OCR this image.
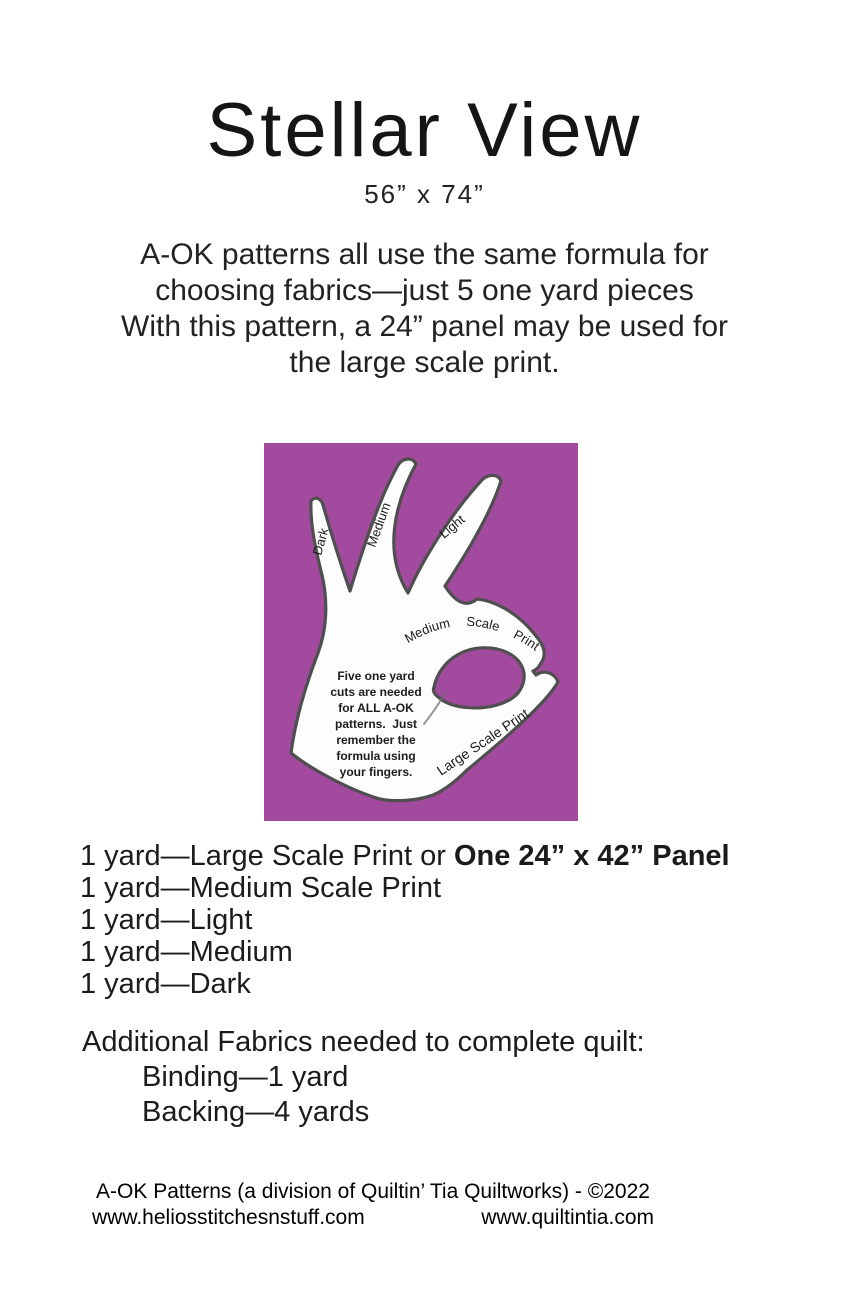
Stellar View
56” x 74”
A-OK patterns all use the same formula for
choosing fabrics—just 5 one yard pieces
With this pattern, a 24” panel may be used for
the large scale print.
Dark Medium	Light
Medium Scale Print
Large Scale Print
Five one yard
cuts are needed
for ALL A-OK
patterns.  Just
remember the
formula using
your fingers.
1 yard—Large Scale Print or One 24” x 42” Panel
1 yard—Medium Scale Print
1 yard—Light
1 yard—Medium
1 yard—Dark
Additional Fabrics needed to complete quilt:
Binding—1 yard
Backing—4 yards
A-OK Patterns (a division of Quiltin’ Tia Quiltworks) - ©2022
www.heliosstitchesnstuff.com	www.quiltintia.com
